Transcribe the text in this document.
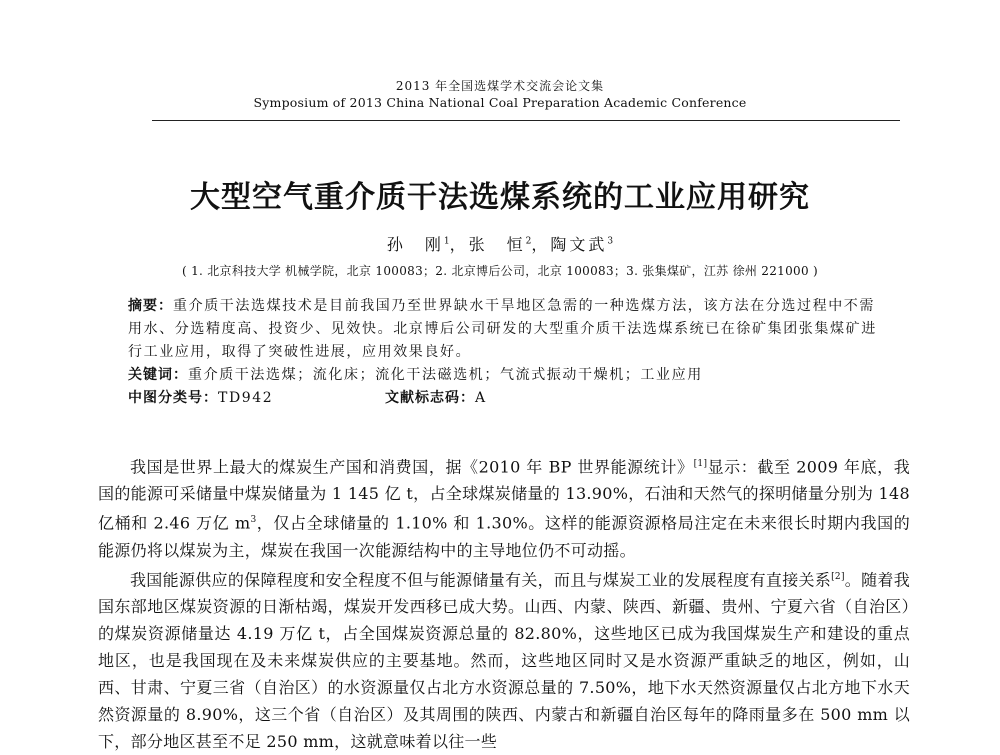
2013 年全国选煤学术交流会论文集
Symposium of 2013 China National Coal Preparation Academic Conference
大型空气重介质干法选煤系统的工业应用研究
孙　刚$^1$，张　恒$^2$，陶文武$^3$
( 1. 北京科技大学 机械学院，北京 100083；2. 北京博后公司，北京 100083；3. 张集煤矿，江苏 徐州 221000 )

摘要：重介质干法选煤技术是目前我国乃至世界缺水干旱地区急需的一种选煤方法，该方法在分选过程中不需用水、分选精度高、投资少、见效快。北京博后公司研发的大型重介质干法选煤系统已在徐矿集团张集煤矿进行工业应用，取得了突破性进展，应用效果良好。

关键词：重介质干法选煤；流化床；流化干法磁选机；气流式振动干燥机；工业应用

中图分类号：TD942	文献标志码：A

我国是世界上最大的煤炭生产国和消费国，据《2010 年 BP 世界能源统计》[1]显示：截至 2009 年底，我国的能源可采储量中煤炭储量为 1 145 亿 t，占全球煤炭储量的 13.90%，石油和天然气的探明储量分别为 148 亿桶和 2.46 万亿 $m^3$，仅占全球储量的 1.10% 和 1.30%。这样的能源资源格局注定在未来很长时期内我国的能源仍将以煤炭为主，煤炭在我国一次能源结构中的主导地位仍不可动摇。

我国能源供应的保障程度和安全程度不但与能源储量有关，而且与煤炭工业的发展程度有直接关系[2]。随着我国东部地区煤炭资源的日渐枯竭，煤炭开发西移已成大势。山西、内蒙、陕西、新疆、贵州、宁夏六省（自治区）的煤炭资源储量达 4.19 万亿 t，占全国煤炭资源总量的 82.80%，这些地区已成为我国煤炭生产和建设的重点地区，也是我国现在及未来煤炭供应的主要基地。然而，这些地区同时又是水资源严重缺乏的地区，例如，山西、甘肃、宁夏三省（自治区）的水资源量仅占北方水资源总量的 7.50%，地下水天然资源量仅占北方地下水天然资源量的 8.90%，这三个省（自治区）及其周围的陕西、内蒙古和新疆自治区每年的降雨量多在 500 mm 以下，部分地区甚至不足 250 mm，这就意味着以往一些
